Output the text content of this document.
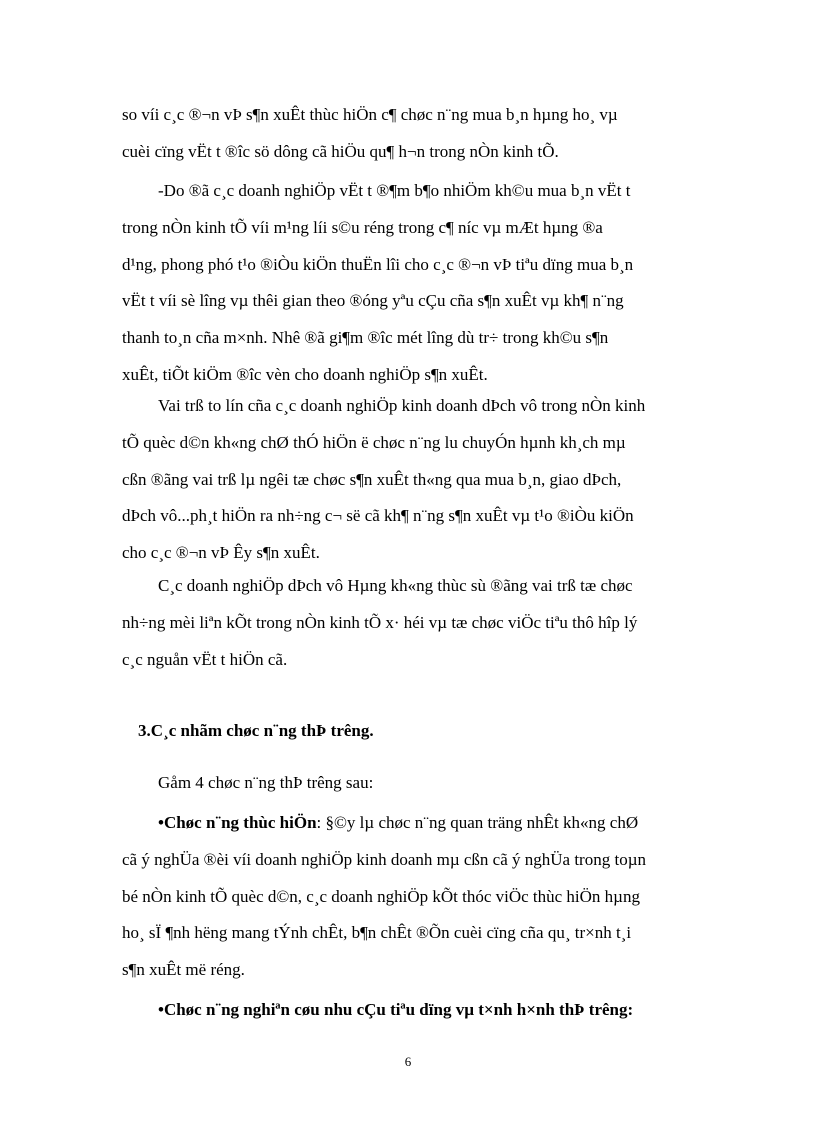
so víi c¸c ®¬n vÞ s¶n xuÊt thùc hiÖn c¶ chøc n¨ng mua b¸n hµng ho¸ vµ
cuèi cïng vËt t ®îc sö dông cã hiÖu qu¶ h¬n trong nÒn kinh tÕ.
-Do ®ã c¸c doanh nghiÖp vËt t ®¶m b¶o nhiÖm kh©u mua b¸n vËt t
trong nÒn kinh tÕ víi m¹ng líi s©u réng trong c¶ níc vµ mÆt hµng ®a
d¹ng, phong phó t¹o ®iÒu kiÖn thuËn lîi cho c¸c ®¬n vÞ tiªu dïng mua b¸n
vËt t víi sè lîng vµ thêi gian theo ®óng yªu cÇu cña s¶n xuÊt vµ kh¶ n¨ng
thanh to¸n cña m×nh. Nhê ®ã gi¶m ®îc mét lîng dù tr÷ trong kh©u s¶n
xuÊt, tiÕt kiÖm ®îc vèn cho doanh nghiÖp s¶n xuÊt.
Vai trß to lín cña c¸c doanh nghiÖp kinh doanh dÞch vô trong nÒn kinh
tÕ quèc d©n kh«ng chØ thÓ hiÖn ë chøc n¨ng lu chuyÓn hµnh kh¸ch mµ
cßn ®ãng vai trß lµ ngêi tæ chøc s¶n xuÊt th«ng qua mua b¸n, giao dÞch,
dÞch vô...ph¸t hiÖn ra nh÷ng c¬ së cã kh¶ n¨ng s¶n xuÊt vµ t¹o ®iÒu kiÖn
cho c¸c ®¬n vÞ Êy s¶n xuÊt.
C¸c doanh nghiÖp dÞch vô Hµng kh«ng thùc sù ®ãng vai trß tæ chøc
nh÷ng mèi liªn kÕt trong nÒn kinh tÕ x· héi vµ tæ chøc viÖc tiªu thô hîp lý
c¸c nguån vËt t hiÖn cã.
3.C¸c nhãm chøc n¨ng thÞ trêng.
Gåm 4 chøc n¨ng thÞ trêng sau:
•Chøc n¨ng thùc hiÖn: §©y lµ chøc n¨ng quan träng nhÊt kh«ng chØ
cã ý nghÜa ®èi víi doanh nghiÖp kinh doanh mµ cßn cã ý nghÜa trong toµn
bé nÒn kinh tÕ quèc d©n, c¸c doanh nghiÖp kÕt thóc viÖc thùc hiÖn hµng
ho¸ sÏ ¶nh hëng mang tÝnh chÊt, b¶n chÊt ®Õn cuèi cïng cña qu¸ tr×nh t¸i
s¶n xuÊt më réng.
•Chøc n¨ng nghiªn cøu nhu cÇu tiªu dïng vµ t×nh h×nh thÞ trêng:
6
